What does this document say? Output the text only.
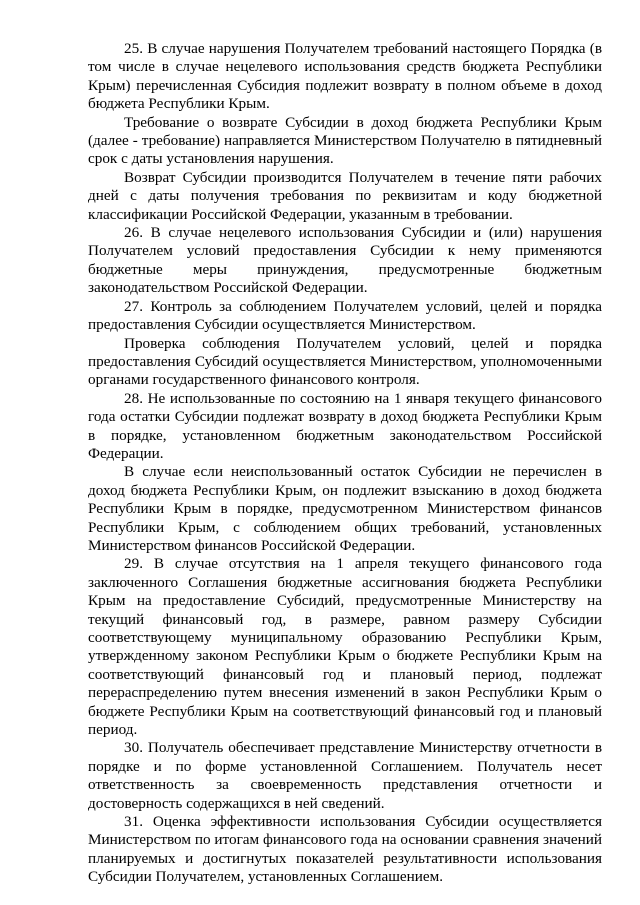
25. В случае нарушения Получателем требований настоящего Порядка (в том числе в случае нецелевого использования средств бюджета Республики Крым) перечисленная Субсидия подлежит возврату в полном объеме в доход бюджета Республики Крым.

Требование о возврате Субсидии в доход бюджета Республики Крым (далее - требование) направляется Министерством Получателю в пятидневный срок с даты установления нарушения.

Возврат Субсидии производится Получателем в течение пяти рабочих дней с даты получения требования по реквизитам и коду бюджетной классификации Российской Федерации, указанным в требовании.

26. В случае нецелевого использования Субсидии и (или) нарушения Получателем условий предоставления Субсидии к нему применяются бюджетные меры принуждения, предусмотренные бюджетным законодательством Российской Федерации.

27. Контроль за соблюдением Получателем условий, целей и порядка предоставления Субсидии осуществляется Министерством.

Проверка соблюдения Получателем условий, целей и порядка предоставления Субсидий осуществляется Министерством, уполномоченными органами государственного финансового контроля.

28. Не использованные по состоянию на 1 января текущего финансового года остатки Субсидии подлежат возврату в доход бюджета Республики Крым в порядке, установленном бюджетным законодательством Российской Федерации.

В случае если неиспользованный остаток Субсидии не перечислен в доход бюджета Республики Крым, он подлежит взысканию в доход бюджета Республики Крым в порядке, предусмотренном Министерством финансов Республики Крым, с соблюдением общих требований, установленных Министерством финансов Российской Федерации.

29. В случае отсутствия на 1 апреля текущего финансового года заключенного Соглашения бюджетные ассигнования бюджета Республики Крым на предоставление Субсидий, предусмотренные Министерству на текущий финансовый год, в размере, равном размеру Субсидии соответствующему муниципальному образованию Республики Крым, утвержденному законом Республики Крым о бюджете Республики Крым на соответствующий финансовый год и плановый период, подлежат перераспределению путем внесения изменений в закон Республики Крым о бюджете Республики Крым на соответствующий финансовый год и плановый период.

30. Получатель обеспечивает представление Министерству отчетности в порядке и по форме установленной Соглашением. Получатель несет ответственность за своевременность представления отчетности и достоверность содержащихся в ней сведений.

31. Оценка эффективности использования Субсидии осуществляется Министерством по итогам финансового года на основании сравнения значений планируемых и достигнутых показателей результативности использования Субсидии Получателем, установленных Соглашением.
